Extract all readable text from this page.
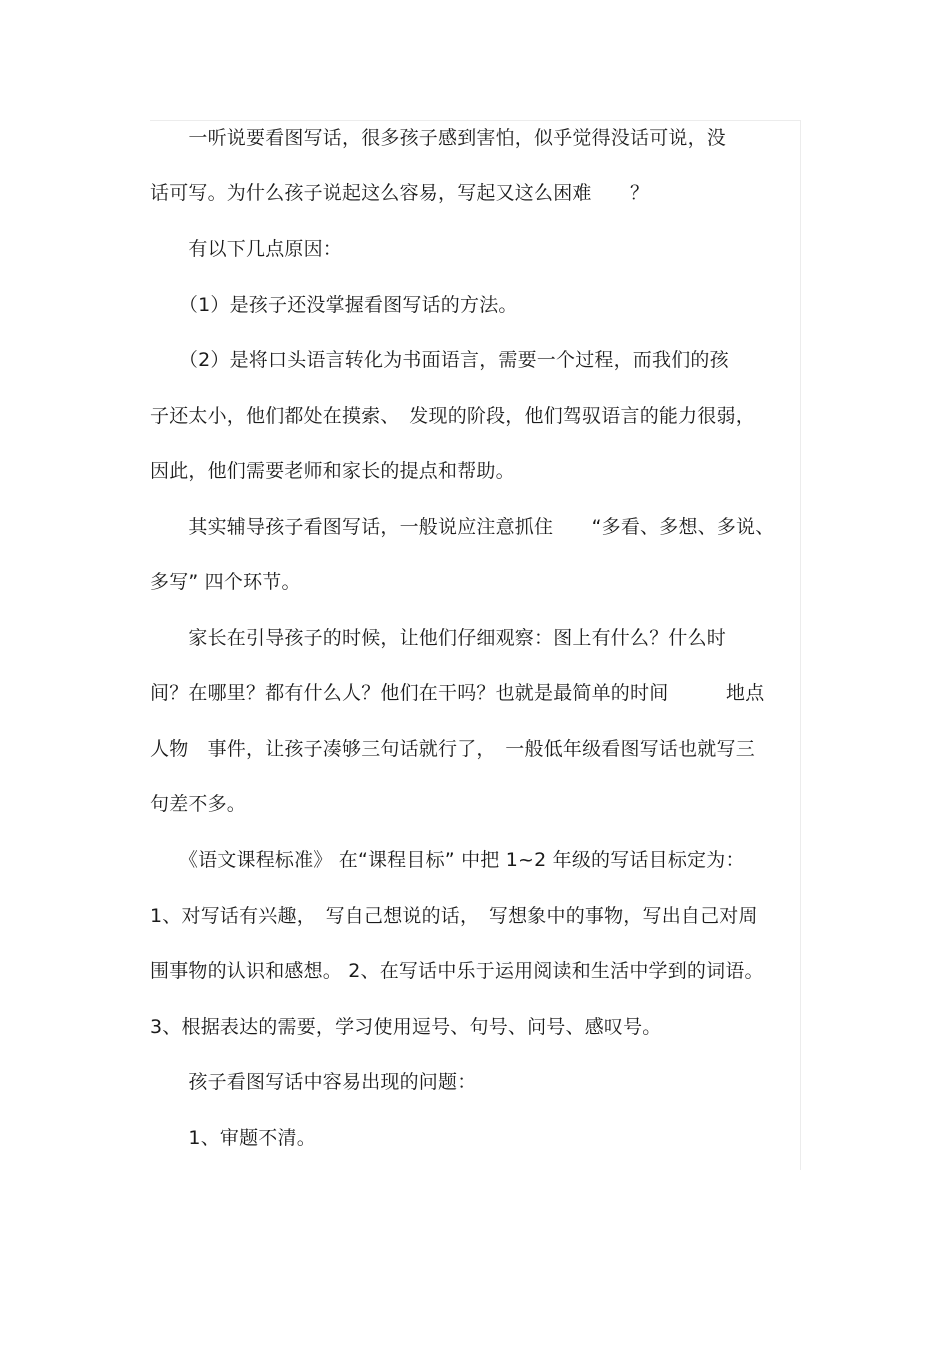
　　一听说要看图写话，很多孩子感到害怕，似乎觉得没话可说，没
话可写。为什么孩子说起这么容易，写起又这么困难　　？
　　有以下几点原因：
　　（1）是孩子还没掌握看图写话的方法。
　　（2）是将口头语言转化为书面语言，需要一个过程，而我们的孩
子还太小，他们都处在摸索、　发现的阶段，他们驾驭语言的能力很弱，
因此，他们需要老师和家长的提点和帮助。
　　其实辅导孩子看图写话，一般说应注意抓住　　“多看、多想、多说、
多写” 四个环节。
　　家长在引导孩子的时候，让他们仔细观察：图上有什么？什么时
间？在哪里？都有什么人？他们在干吗？也就是最简单的时间　　　地点
人物　事件，让孩子凑够三句话就行了，　一般低年级看图写话也就写三
句差不多。
　　《语文课程标准》 在“课程目标” 中把 1~2 年级的写话目标定为：
1、对写话有兴趣，　写自己想说的话，　写想象中的事物，写出自己对周
围事物的认识和感想。 2、在写话中乐于运用阅读和生活中学到的词语。
3、根据表达的需要，学习使用逗号、句号、问号、感叹号。
　　孩子看图写话中容易出现的问题：
　　1、审题不清。
